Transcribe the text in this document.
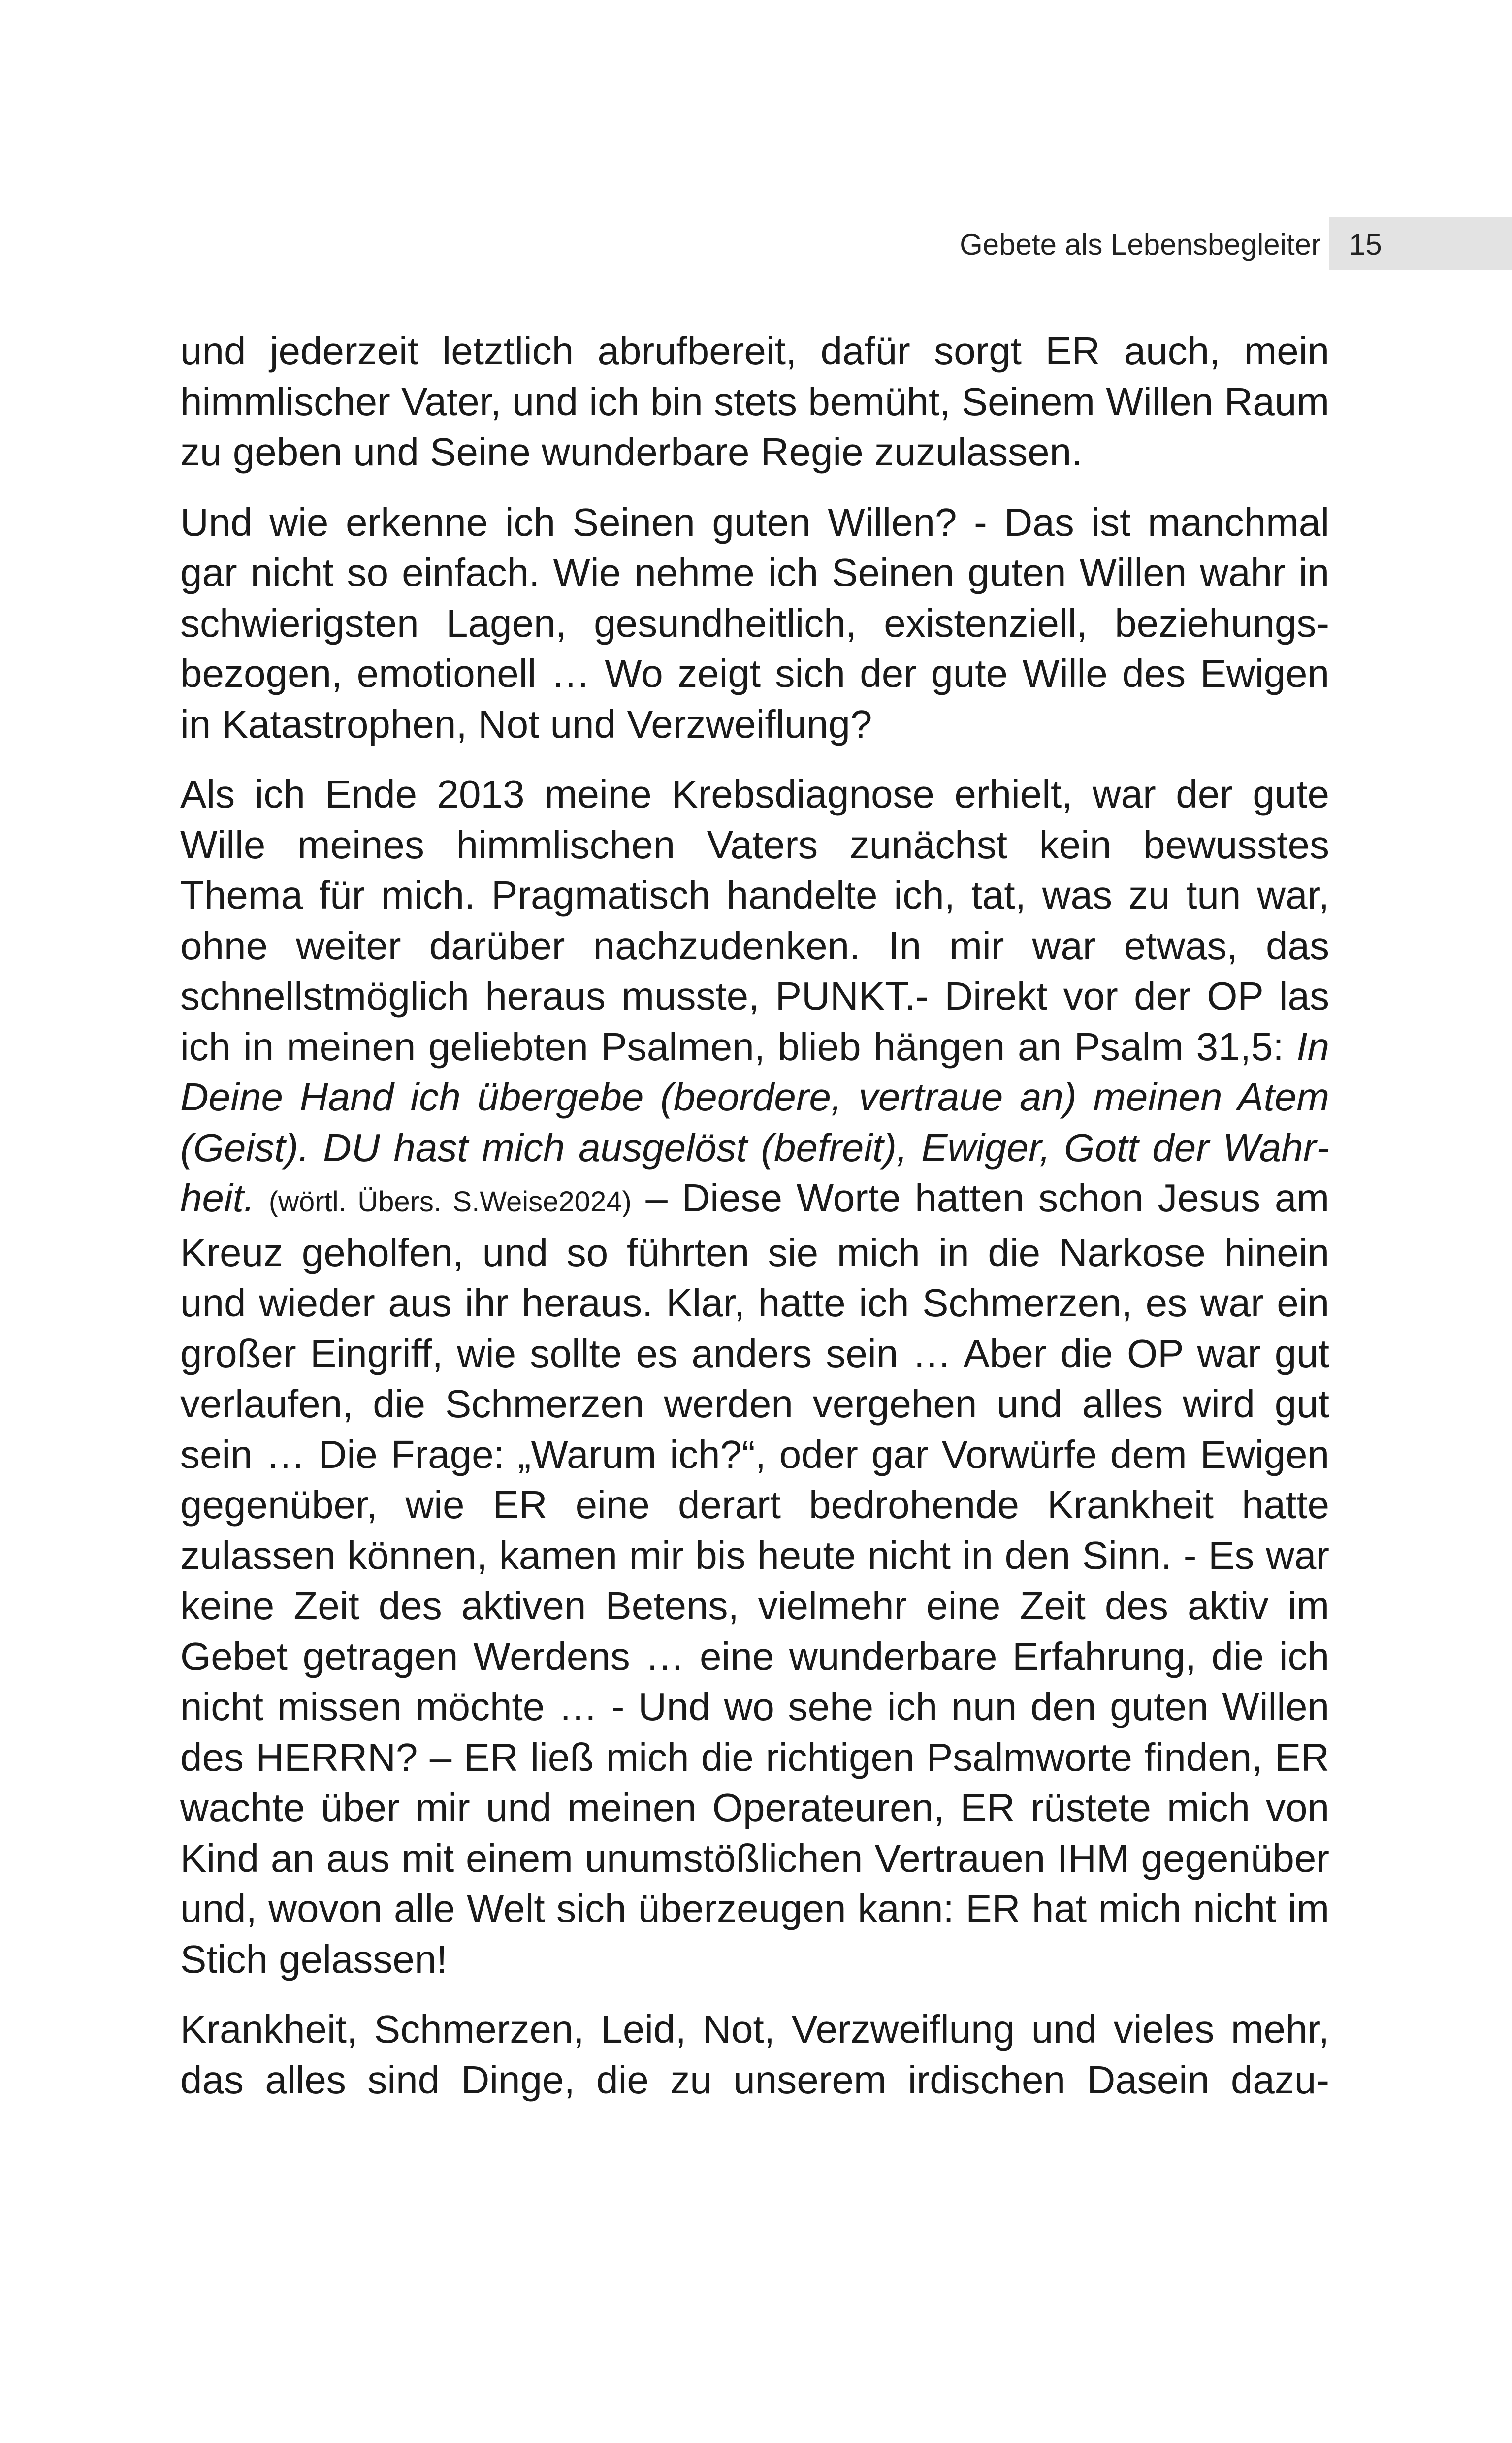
Gebete als Lebensbegleiter 15

und jederzeit letztlich abrufbereit, dafür sorgt ER auch, mein himmlischer Vater, und ich bin stets bemüht, Seinem Willen Raum zu geben und Seine wunderbare Regie zuzulassen.

Und wie erkenne ich Seinen guten Willen? - Das ist manchmal gar nicht so einfach. Wie nehme ich Seinen guten Willen wahr in schwierigsten Lagen, gesundheitlich, existenziell, beziehungsbezogen, emotionell … Wo zeigt sich der gute Wille des Ewigen in Katastrophen, Not und Verzweiflung?

Als ich Ende 2013 meine Krebsdiagnose erhielt, war der gute Wille meines himmlischen Vaters zunächst kein bewusstes Thema für mich. Pragmatisch handelte ich, tat, was zu tun war, ohne weiter darüber nachzudenken. In mir war etwas, das schnellstmöglich heraus musste, PUNKT.- Direkt vor der OP las ich in meinen geliebten Psalmen, blieb hängen an Psalm 31,5: In Deine Hand ich übergebe (beordere, vertraue an) meinen Atem (Geist). DU hast mich ausgelöst (befreit), Ewiger, Gott der Wahrheit. (wörtl. Übers. S.Weise2024) – Diese Worte hatten schon Jesus am Kreuz geholfen, und so führten sie mich in die Narkose hinein und wieder aus ihr heraus. Klar, hatte ich Schmerzen, es war ein großer Eingriff, wie sollte es anders sein … Aber die OP war gut verlaufen, die Schmerzen werden vergehen und alles wird gut sein … Die Frage: „Warum ich?“, oder gar Vorwürfe dem Ewigen gegenüber, wie ER eine derart bedrohende Krankheit hatte zulassen können, kamen mir bis heute nicht in den Sinn. - Es war keine Zeit des aktiven Betens, vielmehr eine Zeit des aktiv im Gebet getragen Werdens … eine wunderbare Erfahrung, die ich nicht missen möchte … - Und wo sehe ich nun den guten Willen des HERRN? – ER ließ mich die richtigen Psalmworte finden, ER wachte über mir und meinen Operateuren, ER rüstete mich von Kind an aus mit einem unumstößlichen Vertrauen IHM gegenüber und, wovon alle Welt sich überzeugen kann: ER hat mich nicht im Stich gelassen!

Krankheit, Schmerzen, Leid, Not, Verzweiflung und vieles mehr, das alles sind Dinge, die zu unserem irdischen Dasein dazu-
